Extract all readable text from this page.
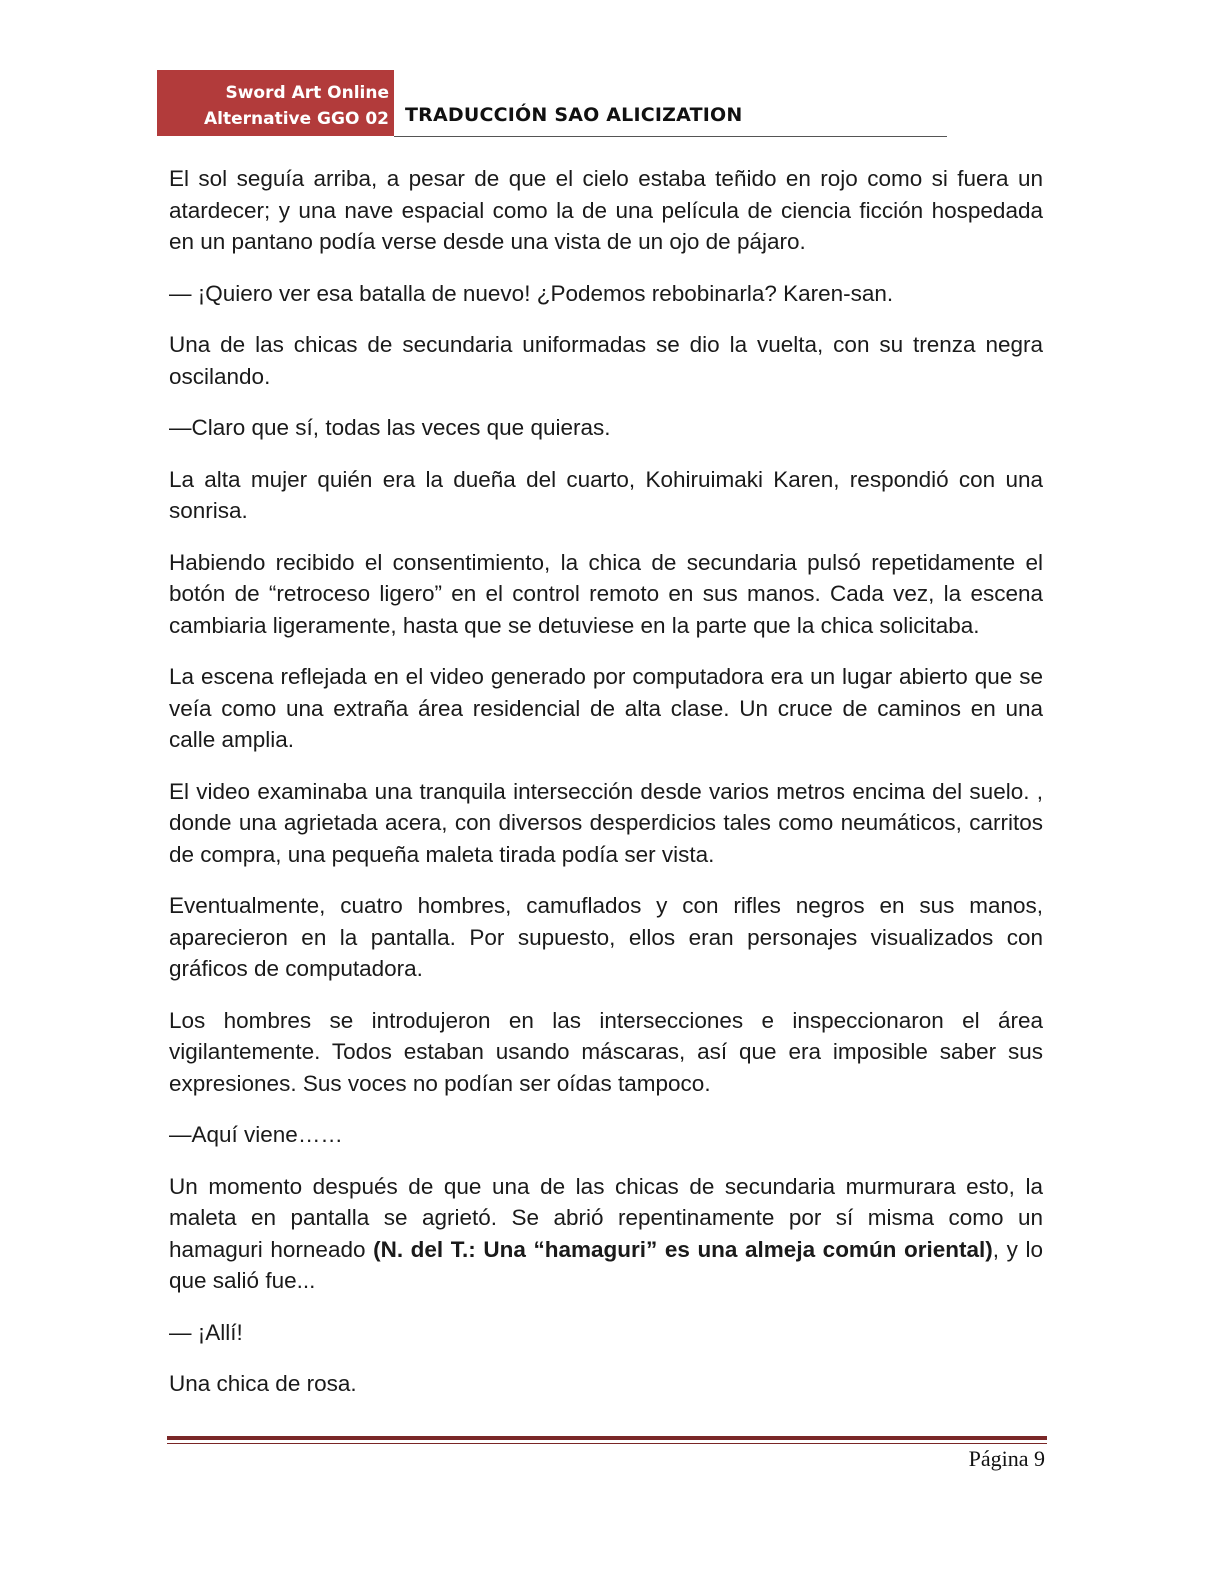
Sword Art Online
Alternative GGO 02 TRADUCCIÓN SAO ALICIZATION

El sol seguía arriba, a pesar de que el cielo estaba teñido en rojo como si fuera un atardecer; y una nave espacial como la de una película de ciencia ficción hospedada en un pantano podía verse desde una vista de un ojo de pájaro.

— ¡Quiero ver esa batalla de nuevo! ¿Podemos rebobinarla? Karen-san.

Una de las chicas de secundaria uniformadas se dio la vuelta, con su trenza negra oscilando.

—Claro que sí, todas las veces que quieras.

La alta mujer quién era la dueña del cuarto, Kohiruimaki Karen, respondió con una sonrisa.

Habiendo recibido el consentimiento, la chica de secundaria pulsó repetidamente el botón de “retroceso ligero” en el control remoto en sus manos. Cada vez, la escena cambiaria ligeramente, hasta que se detuviese en la parte que la chica solicitaba.

La escena reflejada en el video generado por computadora era un lugar abierto que se veía como una extraña área residencial de alta clase. Un cruce de caminos en una calle amplia.

El video examinaba una tranquila intersección desde varios metros encima del suelo. , donde una agrietada acera, con diversos desperdicios tales como neumáticos, carritos de compra, una pequeña maleta tirada podía ser vista.

Eventualmente, cuatro hombres, camuflados y con rifles negros en sus manos, aparecieron en la pantalla. Por supuesto, ellos eran personajes visualizados con gráficos de computadora.

Los hombres se introdujeron en las intersecciones e inspeccionaron el área vigilantemente. Todos estaban usando máscaras, así que era imposible saber sus expresiones. Sus voces no podían ser oídas tampoco.

—Aquí viene……

Un momento después de que una de las chicas de secundaria murmurara esto, la maleta en pantalla se agrietó. Se abrió repentinamente por sí misma como un hamaguri horneado (N. del T.: Una “hamaguri” es una almeja común oriental), y lo que salió fue...

— ¡Allí!

Una chica de rosa.

Página 9
